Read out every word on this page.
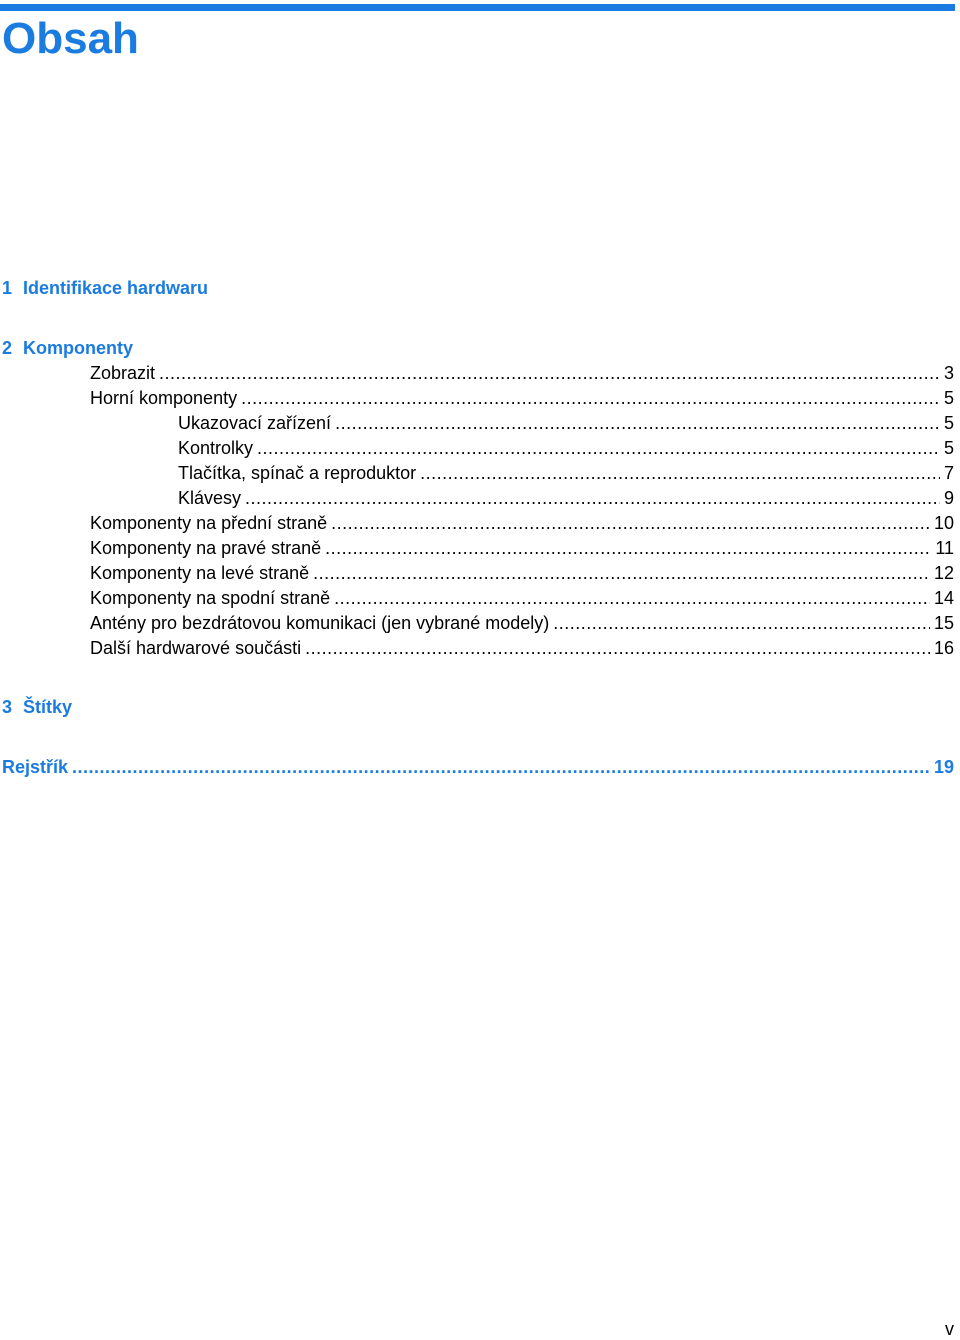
Obsah
1 Identifikace hardwaru
2 Komponenty
Zobrazit .....	3
Horní komponenty .....	5
Ukazovací zařízení .....	5
Kontrolky .....	5
Tlačítka, spínač a reproduktor .....	7
Klávesy .....	9
Komponenty na přední straně .....	10
Komponenty na pravé straně .....	11
Komponenty na levé straně .....	12
Komponenty na spodní straně .....	14
Antény pro bezdrátovou komunikaci (jen vybrané modely) .....	15
Další hardwarové součásti .....	16
3 Štítky
Rejstřík .....	19
v
